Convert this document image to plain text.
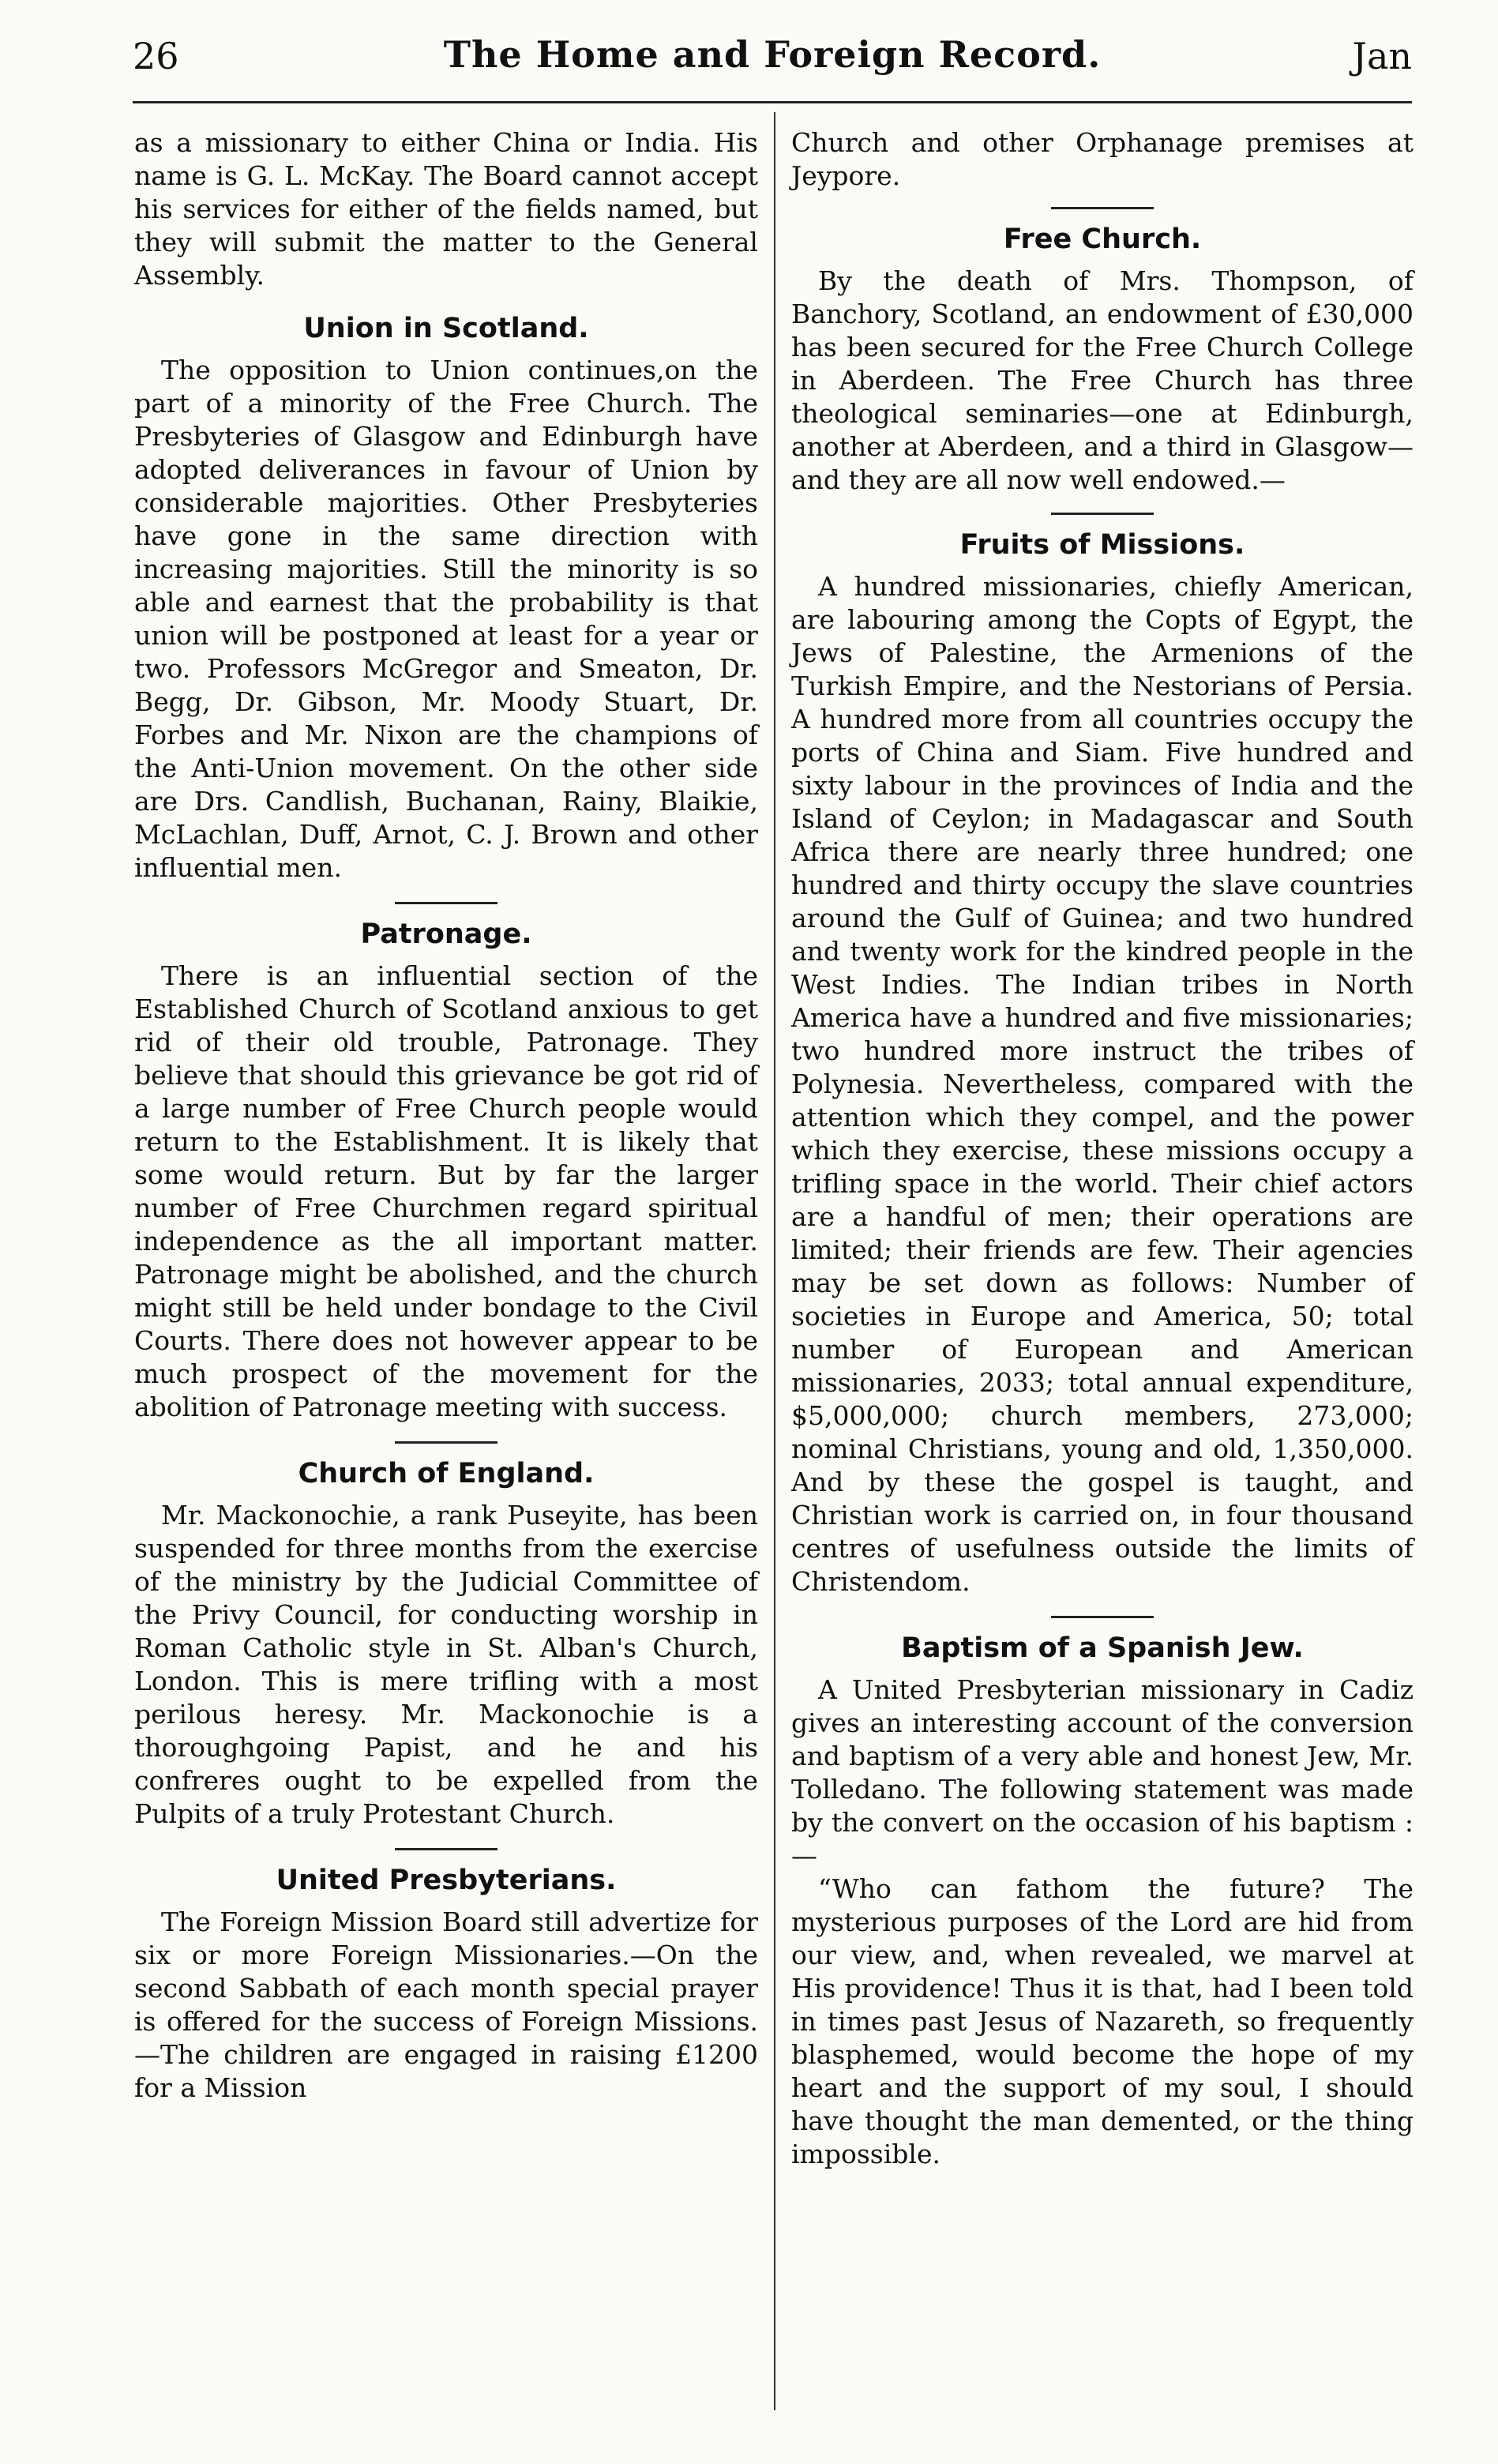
26	The Home and Foreign Record.	Jan

as a missionary to either China or India. His name is G. L. McKay. The Board cannot accept his services for either of the fields named, but they will submit the matter to the General Assembly.

Union in Scotland.

The opposition to Union continues,on the part of a minority of the Free Church. The Presbyteries of Glasgow and Edinburgh have adopted deliverances in favour of Union by considerable majorities. Other Presbyteries have gone in the same direction with increasing majorities. Still the minority is so able and earnest that the probability is that union will be postponed at least for a year or two. Professors McGregor and Smeaton, Dr. Begg, Dr. Gibson, Mr. Moody Stuart, Dr. Forbes and Mr. Nixon are the champions of the Anti-Union movement. On the other side are Drs. Candlish, Buchanan, Rainy, Blaikie, McLachlan, Duff, Arnot, C. J. Brown and other influential men.

Patronage.

There is an influential section of the Established Church of Scotland anxious to get rid of their old trouble, Patronage. They believe that should this grievance be got rid of a large number of Free Church people would return to the Establishment. It is likely that some would return. But by far the larger number of Free Churchmen regard spiritual independence as the all important matter. Patronage might be abolished, and the church might still be held under bondage to the Civil Courts. There does not however appear to be much prospect of the movement for the abolition of Patronage meeting with success.

Church of England.

Mr. Mackonochie, a rank Puseyite, has been suspended for three months from the exercise of the ministry by the Judicial Committee of the Privy Council, for conducting worship in Roman Catholic style in St. Alban's Church, London. This is mere trifling with a most perilous heresy. Mr. Mackonochie is a thoroughgoing Papist, and he and his confreres ought to be expelled from the Pulpits of a truly Protestant Church.

United Presbyterians.

The Foreign Mission Board still advertize for six or more Foreign Missionaries.—On the second Sabbath of each month special prayer is offered for the success of Foreign Missions.—The children are engaged in raising £1200 for a Mission

Church and other Orphanage premises at Jeypore.

Free Church.

By the death of Mrs. Thompson, of Banchory, Scotland, an endowment of £30,000 has been secured for the Free Church College in Aberdeen. The Free Church has three theological seminaries—one at Edinburgh, another at Aberdeen, and a third in Glasgow—and they are all now well endowed.—

Fruits of Missions.

A hundred missionaries, chiefly American, are labouring among the Copts of Egypt, the Jews of Palestine, the Armenions of the Turkish Empire, and the Nestorians of Persia. A hundred more from all countries occupy the ports of China and Siam. Five hundred and sixty labour in the provinces of India and the Island of Ceylon; in Madagascar and South Africa there are nearly three hundred; one hundred and thirty occupy the slave countries around the Gulf of Guinea; and two hundred and twenty work for the kindred people in the West Indies. The Indian tribes in North America have a hundred and five missionaries; two hundred more instruct the tribes of Polynesia. Nevertheless, compared with the attention which they compel, and the power which they exercise, these missions occupy a trifling space in the world. Their chief actors are a handful of men; their operations are limited; their friends are few. Their agencies may be set down as follows: Number of societies in Europe and America, 50; total number of European and American missionaries, 2033; total annual expenditure, $5,000,000; church members, 273,000; nominal Christians, young and old, 1,350,000. And by these the gospel is taught, and Christian work is carried on, in four thousand centres of usefulness outside the limits of Christendom.

Baptism of a Spanish Jew.

A United Presbyterian missionary in Cadiz gives an interesting account of the conversion and baptism of a very able and honest Jew, Mr. Tolledano. The following statement was made by the convert on the occasion of his baptism :—

“Who can fathom the future? The mysterious purposes of the Lord are hid from our view, and, when revealed, we marvel at His providence! Thus it is that, had I been told in times past Jesus of Nazareth, so frequently blasphemed, would become the hope of my heart and the support of my soul, I should have thought the man demented, or the thing impossible.
